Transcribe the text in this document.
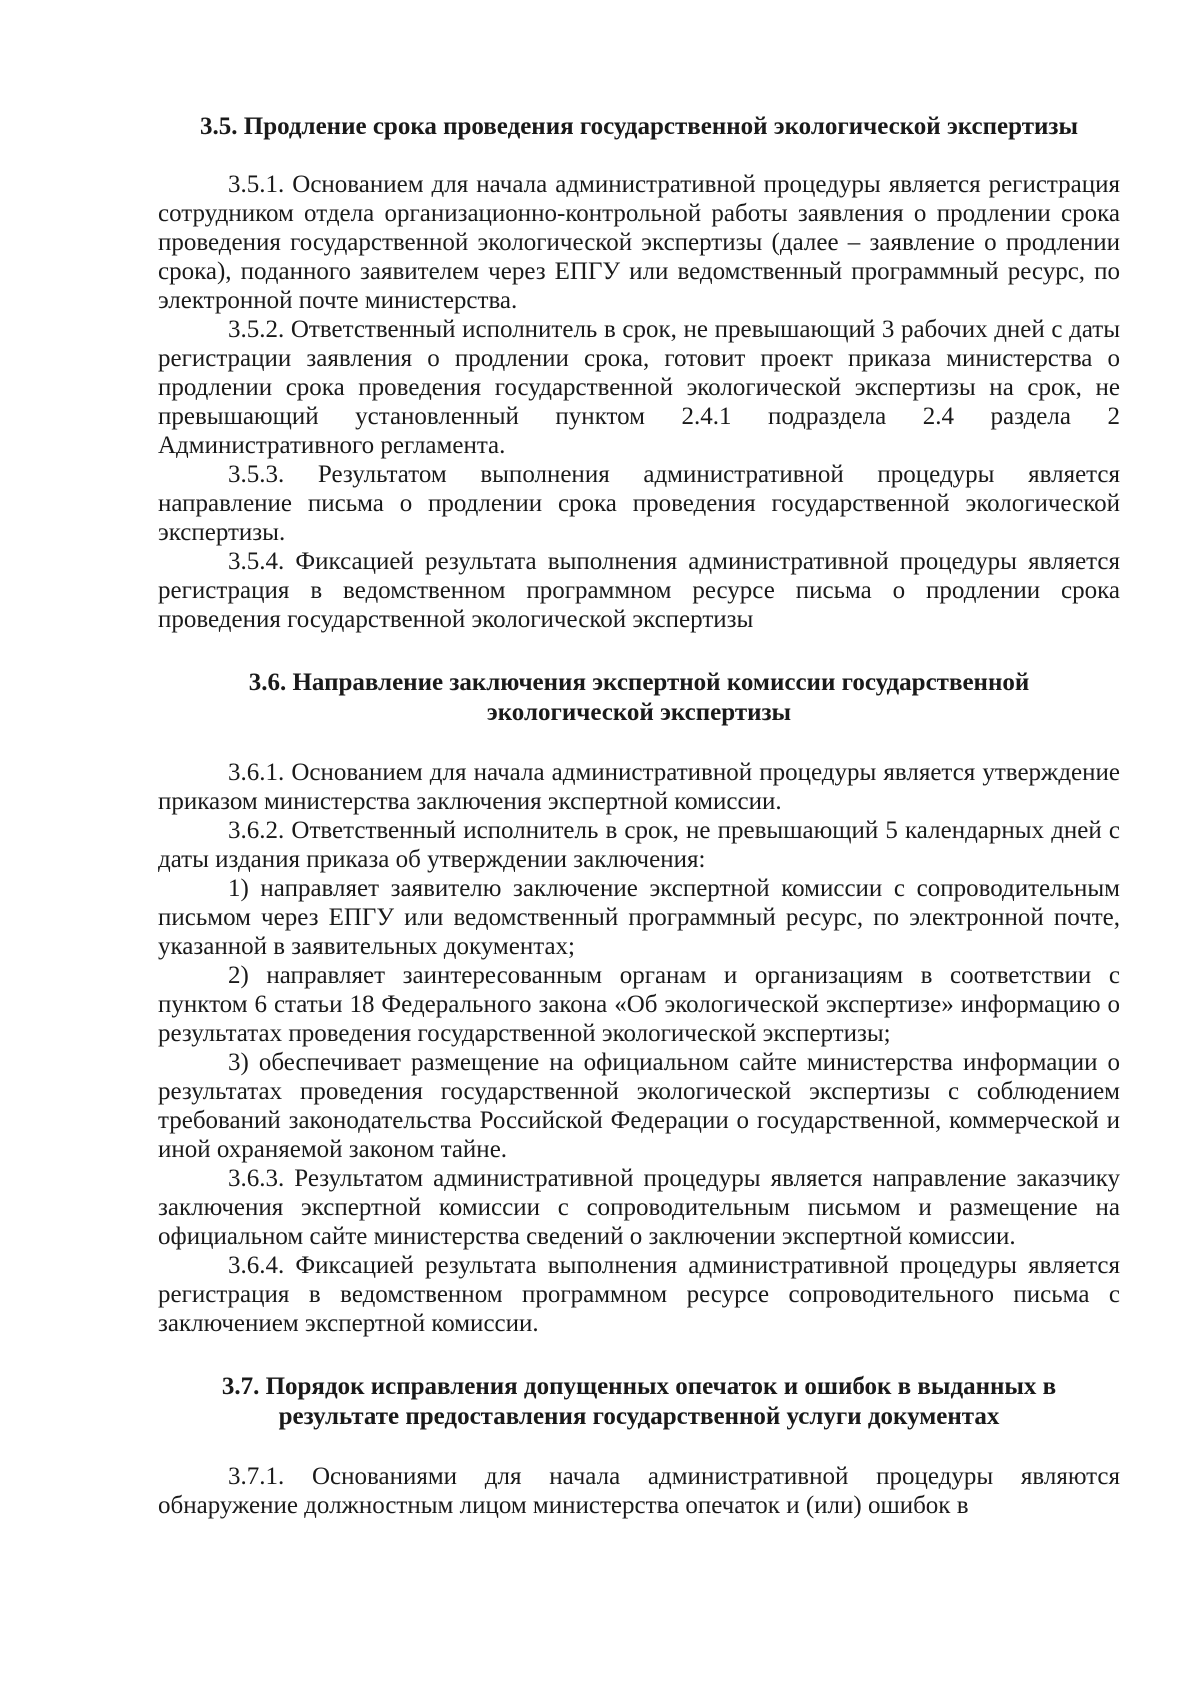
3.5. Продление срока проведения государственной экологической экспертизы

3.5.1. Основанием для начала административной процедуры является регистрация сотрудником отдела организационно-контрольной работы заявления о продлении срока проведения государственной экологической экспертизы (далее – заявление о продлении срока), поданного заявителем через ЕПГУ или ведомственный программный ресурс, по электронной почте министерства.

3.5.2. Ответственный исполнитель в срок, не превышающий 3 рабочих дней с даты регистрации заявления о продлении срока, готовит проект приказа министерства о продлении срока проведения государственной экологической экспертизы на срок, не превышающий установленный пунктом 2.4.1 подраздела 2.4 раздела 2 Административного регламента.

3.5.3. Результатом выполнения административной процедуры является направление письма о продлении срока проведения государственной экологической экспертизы.

3.5.4. Фиксацией результата выполнения административной процедуры является регистрация в ведомственном программном ресурсе письма о продлении срока проведения государственной экологической экспертизы

3.6. Направление заключения экспертной комиссии государственной
экологической экспертизы

3.6.1. Основанием для начала административной процедуры является утверждение приказом министерства заключения экспертной комиссии.

3.6.2. Ответственный исполнитель в срок, не превышающий 5 календарных дней с даты издания приказа об утверждении заключения:

1) направляет заявителю заключение экспертной комиссии с сопроводительным письмом через ЕПГУ или ведомственный программный ресурс, по электронной почте, указанной в заявительных документах;

2) направляет заинтересованным органам и организациям в соответствии с пунктом 6 статьи 18 Федерального закона «Об экологической экспертизе» информацию о результатах проведения государственной экологической экспертизы;

3) обеспечивает размещение на официальном сайте министерства информации о результатах проведения государственной экологической экспертизы с соблюдением требований законодательства Российской Федерации о государственной, коммерческой и иной охраняемой законом тайне.

3.6.3. Результатом административной процедуры является направление заказчику заключения экспертной комиссии с сопроводительным письмом и размещение на официальном сайте министерства сведений о заключении экспертной комиссии.

3.6.4. Фиксацией результата выполнения административной процедуры является регистрация в ведомственном программном ресурсе сопроводительного письма с заключением экспертной комиссии.

3.7. Порядок исправления допущенных опечаток и ошибок в выданных в
результате предоставления государственной услуги документах

3.7.1. Основаниями для начала административной процедуры являются обнаружение должностным лицом министерства опечаток и (или) ошибок в
